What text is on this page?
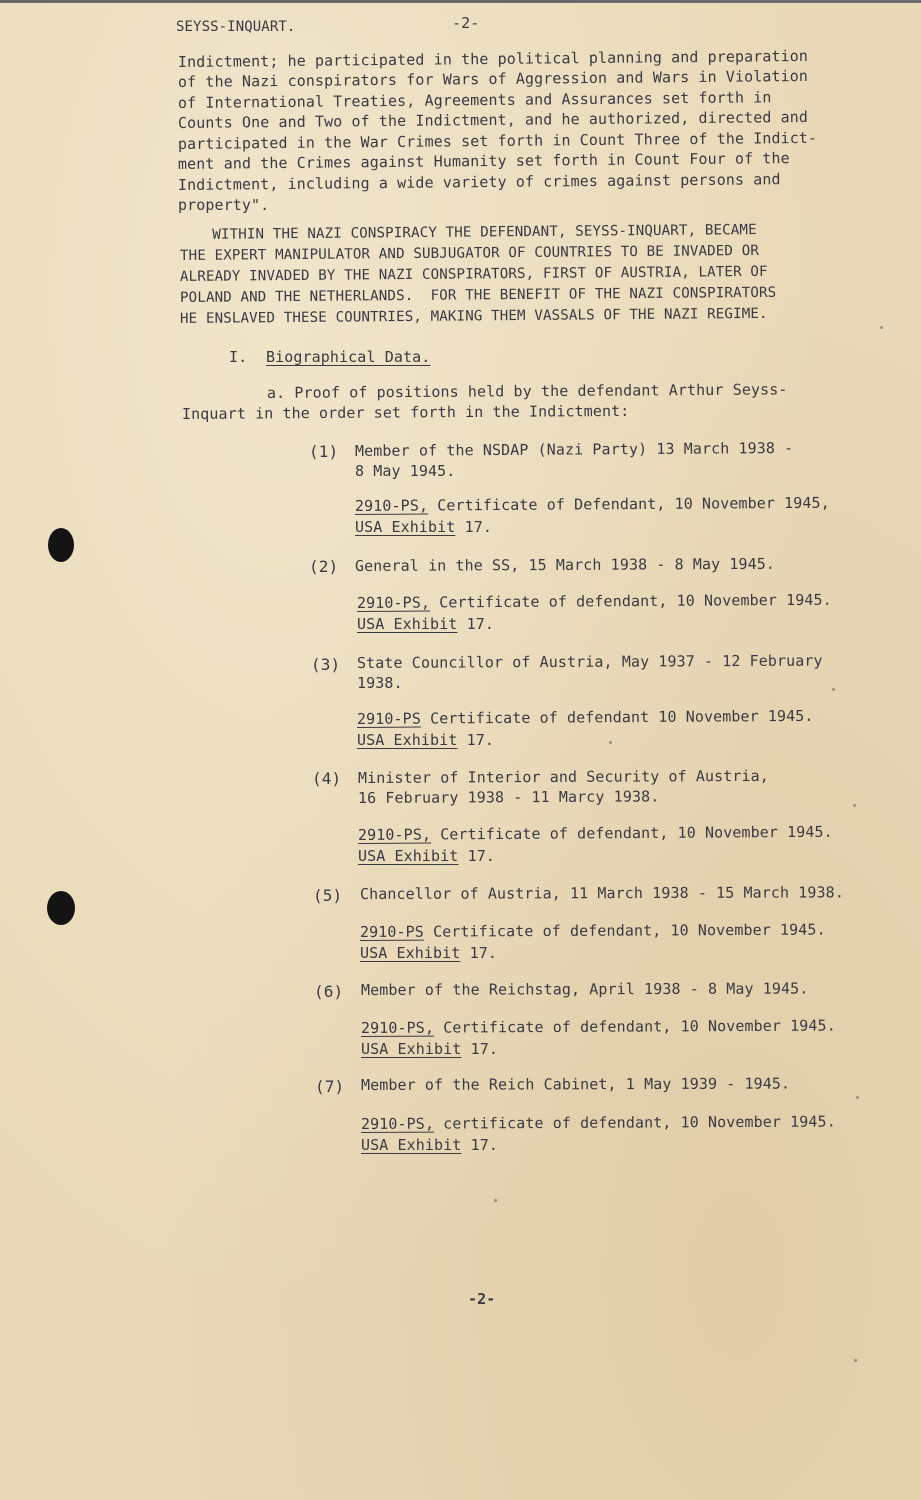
SEYSS-INQUART.	-2-

Indictment; he participated in the political planning and preparation

of the Nazi conspirators for Wars of Aggression and Wars in Violation

of International Treaties, Agreements and Assurances set forth in

Counts One and Two of the Indictment, and he authorized, directed and

participated in the War Crimes set forth in Count Three of the Indict-

ment and the Crimes against Humanity set forth in Count Four of the

Indictment, including a wide variety of crimes against persons and

property".

WITHIN THE NAZI CONSPIRACY THE DEFENDANT, SEYSS-INQUART, BECAME

THE EXPERT MANIPULATOR AND SUBJUGATOR OF COUNTRIES TO BE INVADED OR

ALREADY INVADED BY THE NAZI CONSPIRATORS, FIRST OF AUSTRIA, LATER OF

POLAND AND THE NETHERLANDS.  FOR THE BENEFIT OF THE NAZI CONSPIRATORS

HE ENSLAVED THESE COUNTRIES, MAKING THEM VASSALS OF THE NAZI REGIME.

I. Biographical Data.

a. Proof of positions held by the defendant Arthur Seyss-

Inquart in the order set forth in the Indictment:

(1) Member of the NSDAP (Nazi Party) 13 March 1938 -

8 May 1945.

2910-PS, Certificate of Defendant, 10 November 1945,

USA Exhibit 17.

(2) General in the SS, 15 March 1938 - 8 May 1945.

2910-PS, Certificate of defendant, 10 November 1945.

USA Exhibit 17.

(3) State Councillor of Austria, May 1937 - 12 February

1938.

2910-PS Certificate of defendant 10 November 1945.

USA Exhibit 17.

(4) Minister of Interior and Security of Austria,

16 February 1938 - 11 Marcy 1938.

2910-PS, Certificate of defendant, 10 November 1945.

USA Exhibit 17.

(5) Chancellor of Austria, 11 March 1938 - 15 March 1938.

2910-PS Certificate of defendant, 10 November 1945.

USA Exhibit 17.

(6) Member of the Reichstag, April 1938 - 8 May 1945.

2910-PS, Certificate of defendant, 10 November 1945.

USA Exhibit 17.

(7) Member of the Reich Cabinet, 1 May 1939 - 1945.

2910-PS, certificate of defendant, 10 November 1945.

USA Exhibit 17.

-2-
